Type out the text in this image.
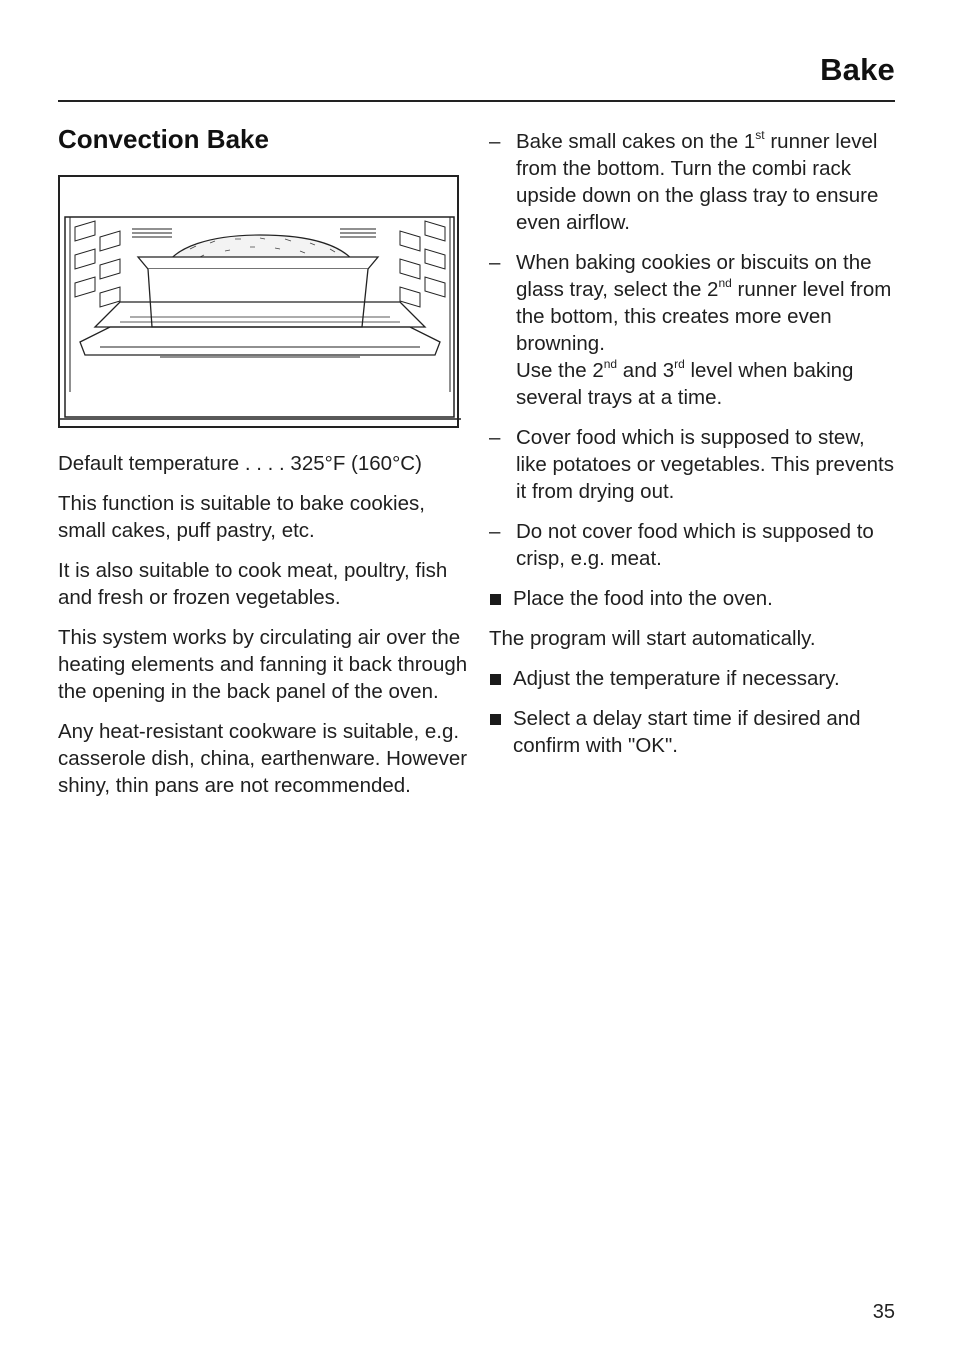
Bake
Convection Bake

Default temperature . . . . 325°F (160°C)

This function is suitable to bake cookies, small cakes, puff pastry, etc.

It is also suitable to cook meat, poultry, fish and fresh or frozen vegetables.

This system works by circulating air over the heating elements and fanning it back through the opening in the back panel of the oven.

Any heat-resistant cookware is suitable, e.g. casserole dish, china, earthenware. However shiny, thin pans are not recommended.

– Bake small cakes on the 1st runner level from the bottom. Turn the combi rack upside down on the glass tray to ensure even airflow.
– When baking cookies or biscuits on the glass tray, select the 2nd runner level from the bottom, this creates more even browning.
Use the 2nd and 3rd level when baking several trays at a time.
– Cover food which is supposed to stew, like potatoes or vegetables. This prevents it from drying out.
– Do not cover food which is supposed to crisp, e.g. meat.
Place the food into the oven.

The program will start automatically.

Adjust the temperature if necessary.
Select a delay start time if desired and confirm with "OK".
35
